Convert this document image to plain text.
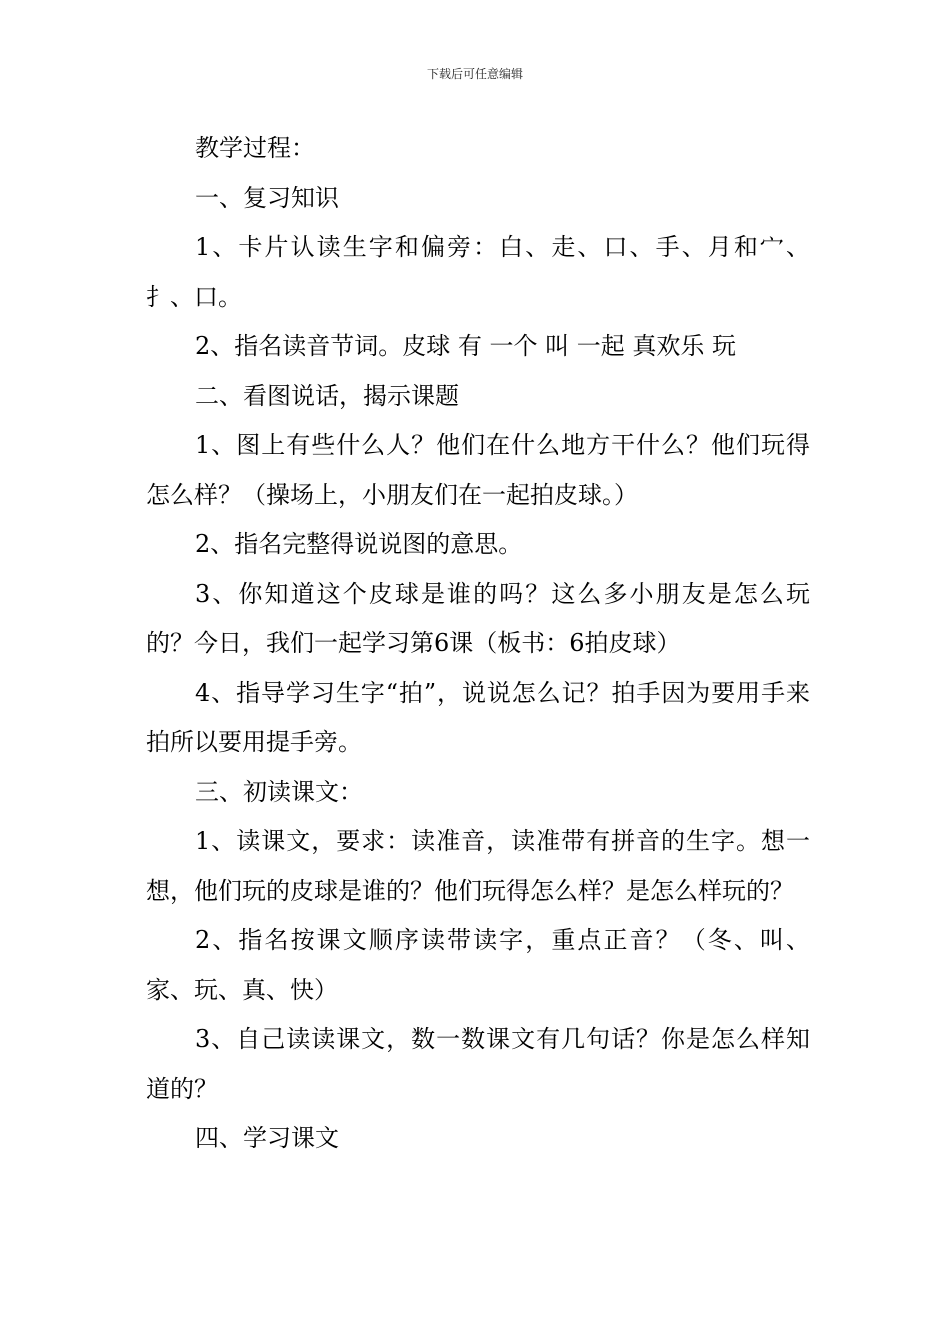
下载后可任意编辑

教学过程：

一、复习知识

1、卡片认读生字和偏旁：白、走、口、手、月和宀、扌、口。

2、指名读音节词。皮球 有 一个 叫 一起 真欢乐 玩

二、看图说话，揭示课题

1、图上有些什么人？他们在什么地方干什么？他们玩得怎么样？（操场上，小朋友们在一起拍皮球。）

2、指名完整得说说图的意思。

3、你知道这个皮球是谁的吗？这么多小朋友是怎么玩的？今日，我们一起学习第6课（板书：6拍皮球）

4、指导学习生字“拍”，说说怎么记？拍手因为要用手来拍所以要用提手旁。

三、初读课文：

1、读课文，要求：读准音，读准带有拼音的生字。想一想，他们玩的皮球是谁的？他们玩得怎么样？是怎么样玩的？

2、指名按课文顺序读带读字，重点正音？（冬、叫、家、玩、真、快）

3、自己读读课文，数一数课文有几句话？你是怎么样知道的？

四、学习课文
